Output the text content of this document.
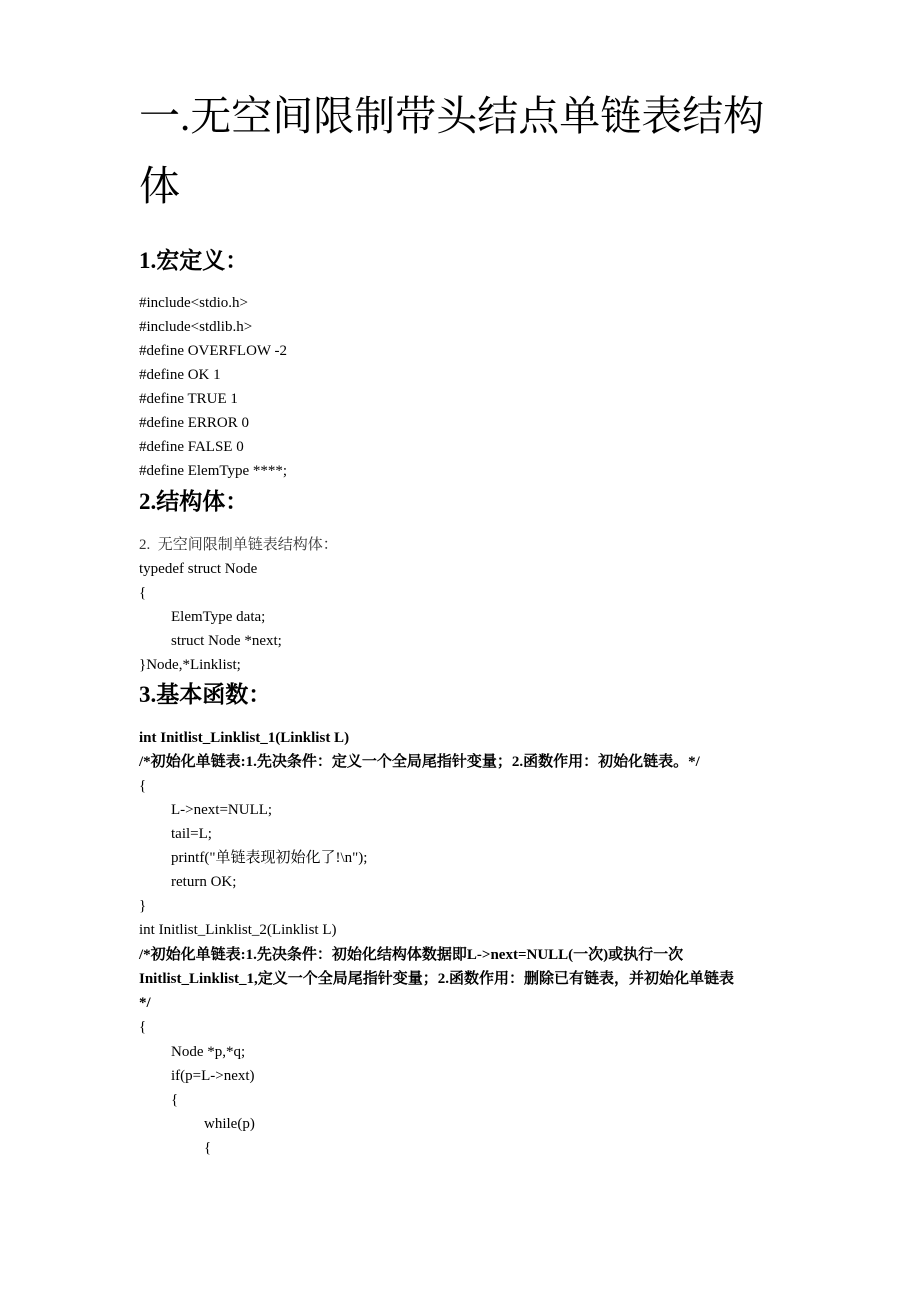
一.无空间限制带头结点单链表结构
体
1.宏定义：
#include<stdio.h>
#include<stdlib.h>
#define OVERFLOW -2
#define OK 1
#define TRUE 1
#define ERROR 0
#define FALSE 0
#define ElemType ****;
2.结构体：
2.  无空间限制单链表结构体：
typedef struct Node
{
ElemType data;
struct Node *next;
}Node,*Linklist;
3.基本函数：
int Initlist_Linklist_1(Linklist L)
/*初始化单链表:1.先决条件：定义一个全局尾指针变量；2.函数作用：初始化链表。*/
{
L->next=NULL;
tail=L;
printf("单链表现初始化了!\n");
return OK;
}
int Initlist_Linklist_2(Linklist L)
/*初始化单链表:1.先决条件：初始化结构体数据即L->next=NULL(一次)或执行一次
Initlist_Linklist_1,定义一个全局尾指针变量；2.函数作用：删除已有链表，并初始化单链表
*/
{
Node *p,*q;
if(p=L->next)
{
while(p)
{
